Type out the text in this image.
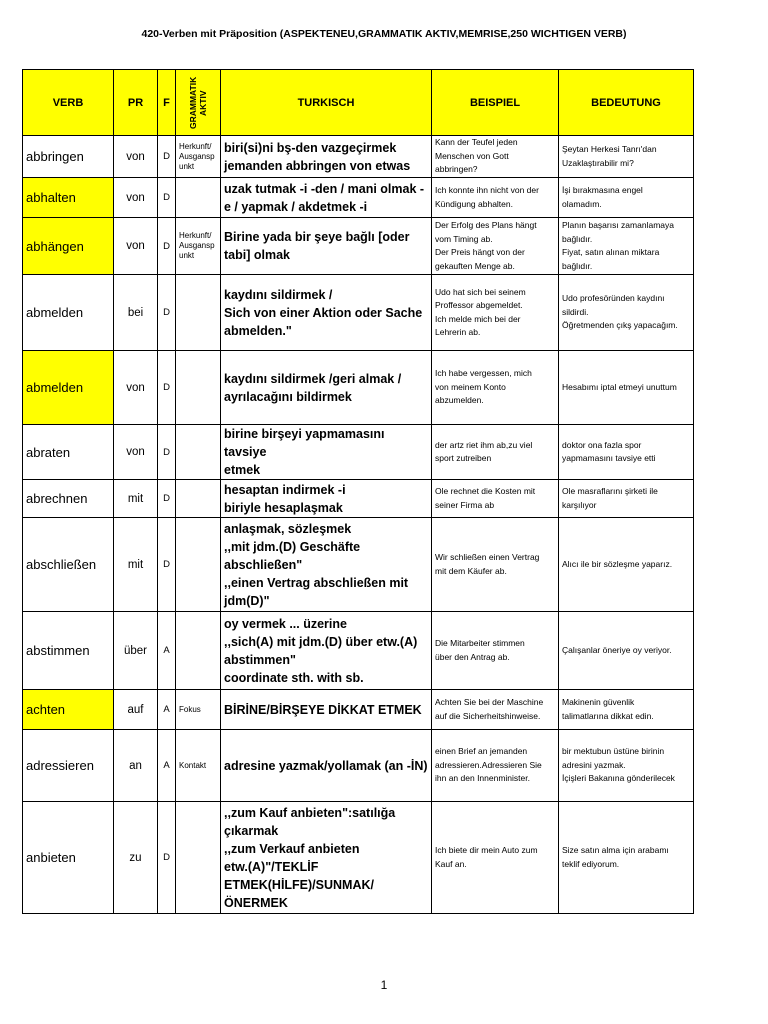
420-Verben mit Präposition (ASPEKTENEU,GRAMMATIK AKTIV,MEMRISE,250 WICHTIGEN VERB)
VERB	PR	F	GRAMMATIK AKTIV	TURKISCH	BEISPIEL	BEDEUTUNG
abbringen	von	D	Herkunft/ Ausgansp unkt	biri(si)ni bş-den vazgeçirmek
jemanden abbringen von etwas	Kann der Teufel jeden
Menschen von Gott
abbringen?	Şeytan Herkesi Tanrı'dan
Uzaklaştırabilir mi?

abhalten	von	D		uzak tutmak -i -den / mani olmak -
e / yapmak / akdetmek -i	Ich konnte ihn nicht von der
Kündigung abhalten.	İşi bırakmasına engel
olamadım.

abhängen	von	D	Herkunft/ Ausgansp unkt	Birine yada bir şeye bağlı [oder
tabi] olmak	Der Erfolg des Plans hängt
vom Timing ab.
Der Preis hängt von der
gekauften Menge ab.	Planın başarısı zamanlamaya
bağlıdır.
Fiyat, satın alınan miktara
bağlıdır.

abmelden	bei	D		kaydını sildirmek /
Sich von einer Aktion oder Sache
abmelden."	Udo hat sich bei seinem
Proffessor abgemeldet.
Ich melde mich bei der
Lehrerin ab.	Udo profesöründen kaydını
sildirdi.
Öğretmenden çıkş yapacağım.

abmelden	von	D		kaydını sildirmek /geri almak /
ayrılacağını bildirmek	Ich habe vergessen, mich
von meinem Konto
abzumelden.	Hesabımı iptal etmeyi unuttum

abraten	von	D		birine birşeyi yapmamasını tavsiye
etmek	der artz riet ihm ab,zu viel
sport zutreiben	doktor ona fazla spor
yapmamasını tavsiye etti

abrechnen	mit	D		hesaptan indirmek -i
biriyle hesaplaşmak	Ole rechnet die Kosten mit
seiner Firma ab	Ole masraflarını şirketi ile
karşılıyor

abschließen	mit	D		anlaşmak, sözleşmek
,,mit jdm.(D) Geschäfte
abschließen"
,,einen Vertrag abschließen mit
jdm(D)"	Wir schließen einen Vertrag
mit dem Käufer ab.	Alıcı ile bir sözleşme yaparız.

abstimmen	über	A		oy vermek ... üzerine
,,sich(A) mit jdm.(D) über etw.(A)
abstimmen"
coordinate sth. with sb.	Die Mitarbeiter stimmen
über den Antrag ab.	Çalışanlar öneriye oy veriyor.

achten	auf	A	Fokus	BİRİNE/BİRŞEYE DİKKAT ETMEK	Achten Sie bei der Maschine
auf die Sicherheitshinweise.	Makinenin güvenlik
talimatlarına dikkat edin.

adressieren	an	A	Kontakt	adresine yazmak/yollamak (an -İN)	einen Brief an jemanden
adressieren.Adressieren Sie
ihn an den Innenminister.	bir mektubun üstüne birinin
adresini yazmak.
İçişleri Bakanına gönderilecek

anbieten	zu	D		,,zum Kauf anbieten":satılığa
çıkarmak
,,zum Verkauf anbieten
etw.(A)"/TEKLİF
ETMEK(HİLFE)/SUNMAK/ÖNERMEK	Ich biete dir mein Auto zum
Kauf an.	Size satın alma için arabamı
teklif ediyorum.
1
